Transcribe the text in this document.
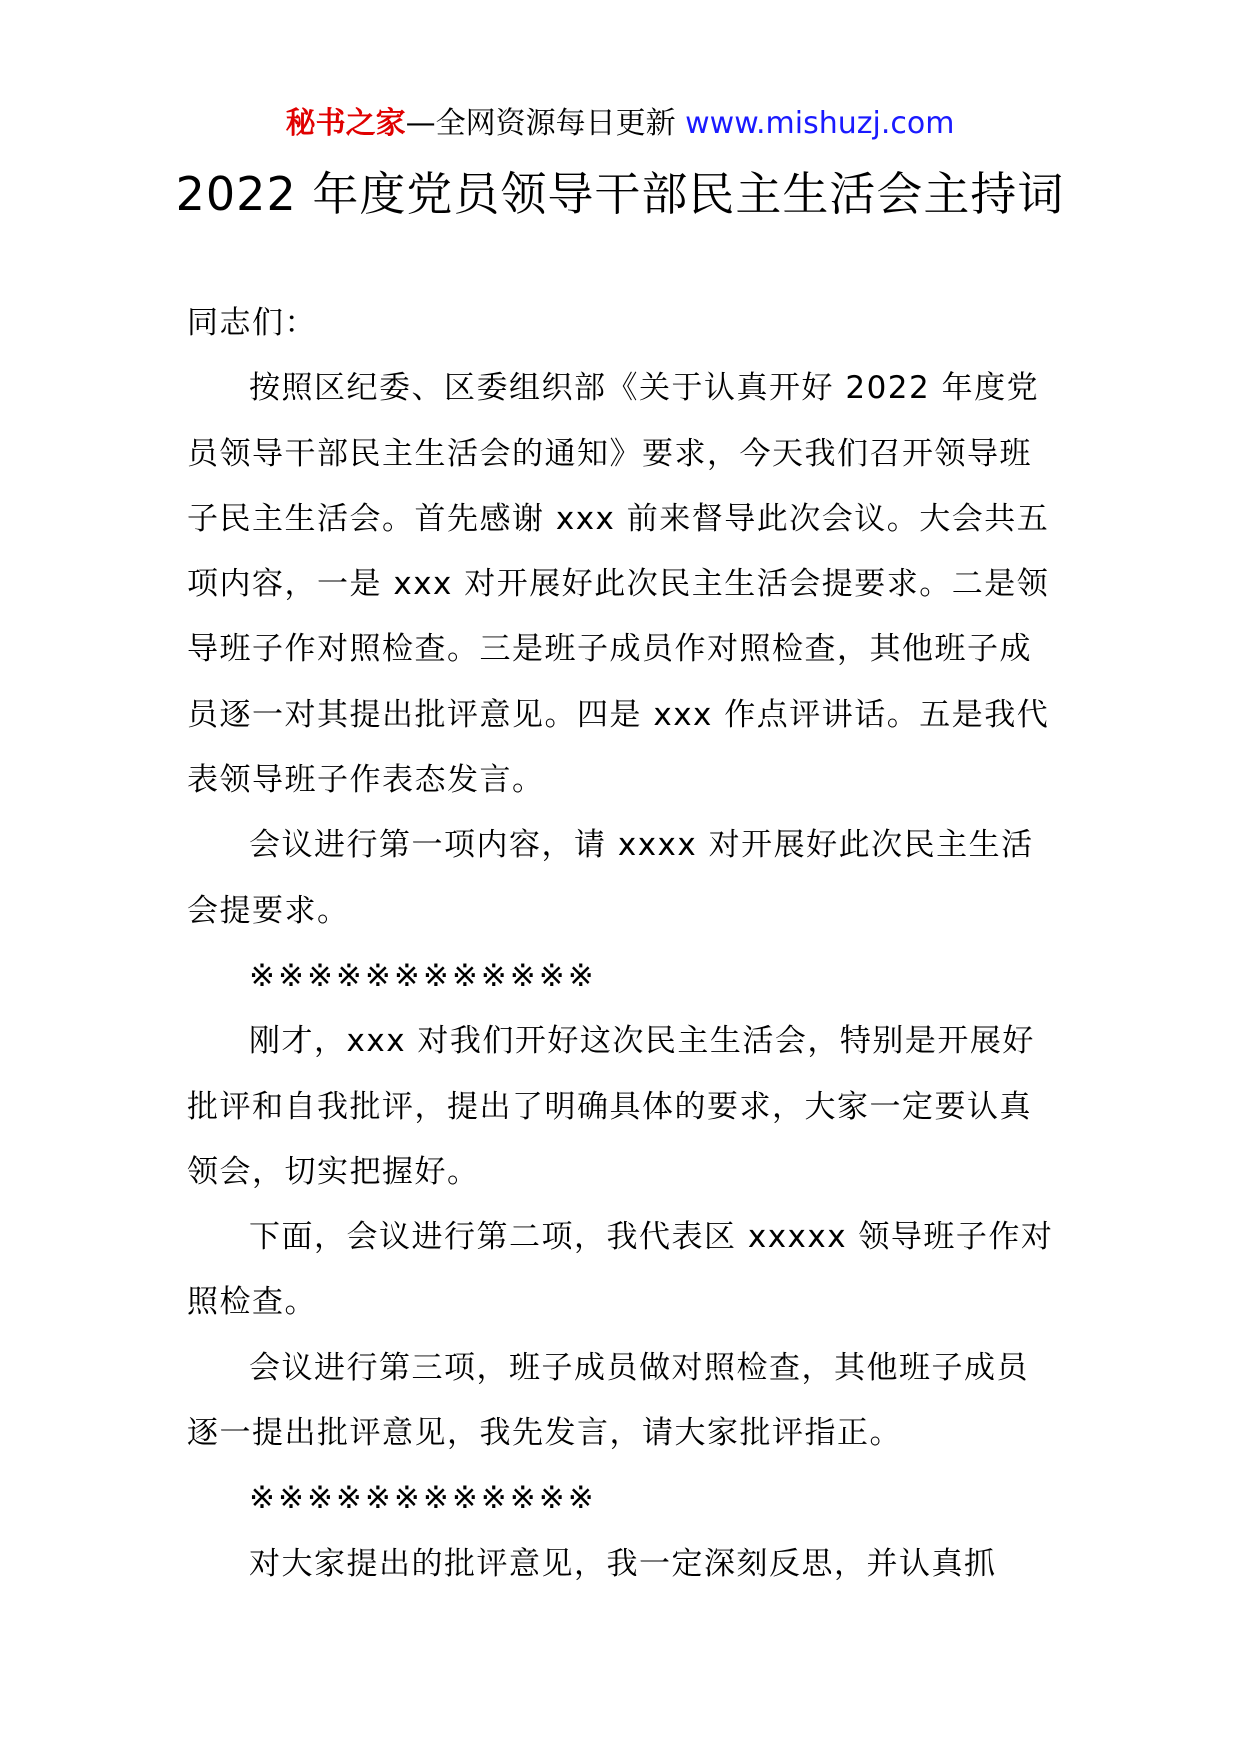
秘书之家—全网资源每日更新 www.mishuzj.com
2022 年度党员领导干部民主生活会主持词

同志们：

按照区纪委、区委组织部《关于认真开好 2022 年度党员领导干部民主生活会的通知》要求，今天我们召开领导班子民主生活会。首先感谢 xxx 前来督导此次会议。大会共五项内容，一是 xxx 对开展好此次民主生活会提要求。二是领导班子作对照检查。三是班子成员作对照检查，其他班子成员逐一对其提出批评意见。四是 xxx 作点评讲话。五是我代表领导班子作表态发言。

会议进行第一项内容，请 xxxx 对开展好此次民主生活会提要求。

※※※※※※※※※※※※

刚才，xxx 对我们开好这次民主生活会，特别是开展好批评和自我批评，提出了明确具体的要求，大家一定要认真领会，切实把握好。

下面，会议进行第二项，我代表区 xxxxx 领导班子作对照检查。

会议进行第三项，班子成员做对照检查，其他班子成员逐一提出批评意见，我先发言，请大家批评指正。

※※※※※※※※※※※※

对大家提出的批评意见，我一定深刻反思，并认真抓
